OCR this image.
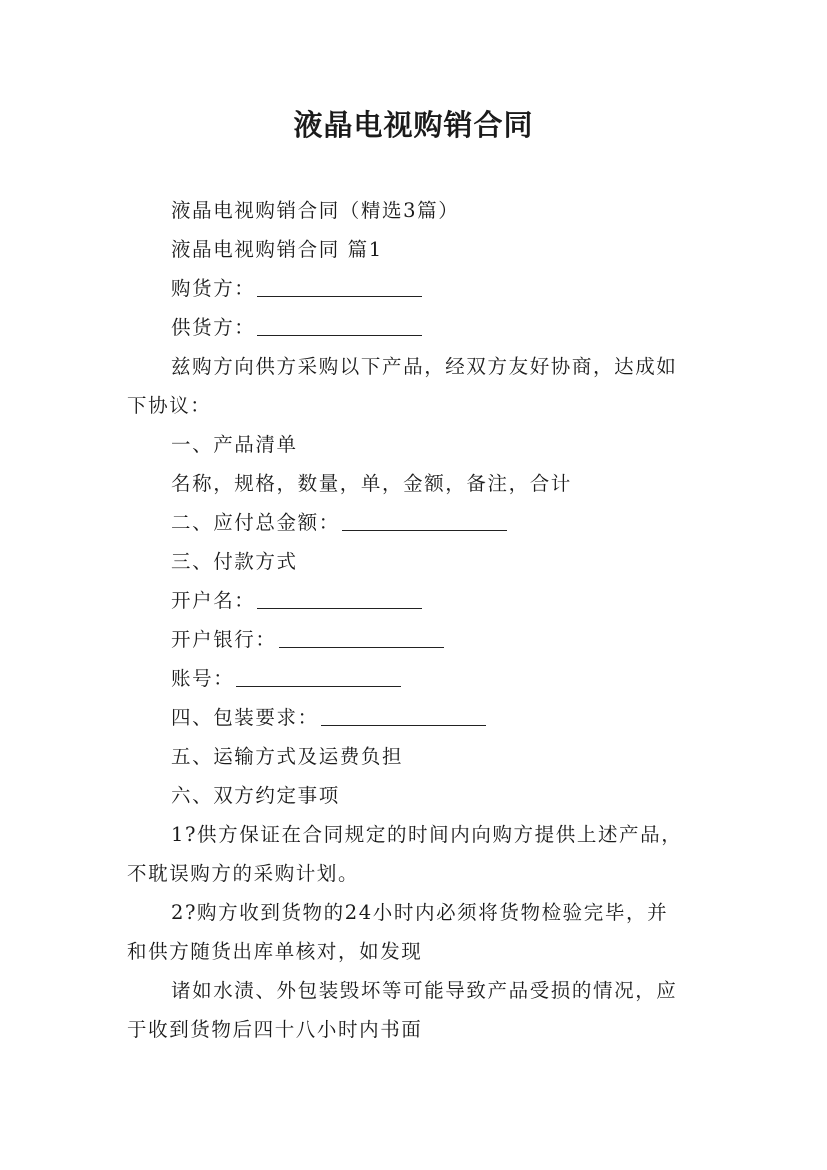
液晶电视购销合同

液晶电视购销合同（精选3篇）

液晶电视购销合同 篇1

购货方：

供货方：

兹购方向供方采购以下产品，经双方友好协商，达成如

下协议：

一、产品清单

名称，规格，数量，单，金额，备注，合计

二、应付总金额：

三、付款方式

开户名：

开户银行：

账号：

四、包装要求：

五、运输方式及运费负担

六、双方约定事项

1?供方保证在合同规定的时间内向购方提供上述产品，

不耽误购方的采购计划。

2?购方收到货物的24小时内必须将货物检验完毕，并

和供方随货出库单核对，如发现

诸如水渍、外包装毁坏等可能导致产品受损的情况，应

于收到货物后四十八小时内书面
